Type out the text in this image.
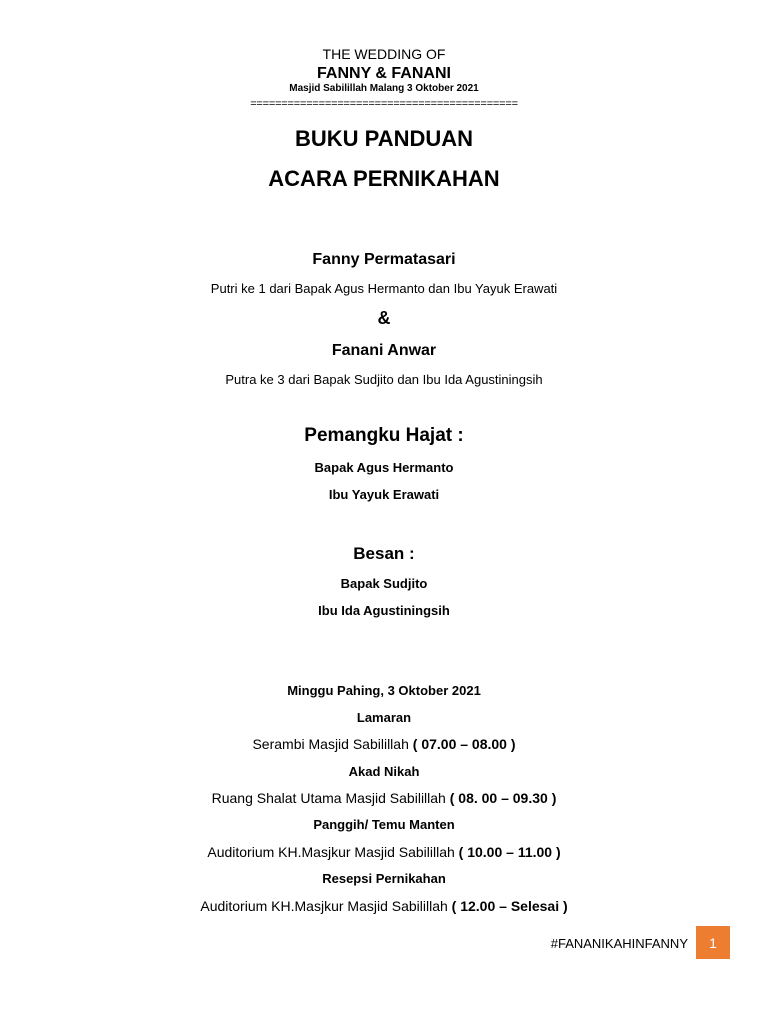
THE WEDDING OF
FANNY & FANANI
Masjid Sabilillah Malang 3 Oktober 2021
===========================================
BUKU PANDUAN
ACARA PERNIKAHAN
Fanny Permatasari
Putri ke 1 dari Bapak Agus Hermanto dan Ibu Yayuk Erawati
&
Fanani Anwar
Putra ke 3 dari Bapak Sudjito dan Ibu Ida Agustiningsih
Pemangku Hajat :
Bapak Agus Hermanto
Ibu Yayuk Erawati
Besan :
Bapak Sudjito
Ibu Ida Agustiningsih
Minggu Pahing, 3 Oktober 2021
Lamaran
Serambi Masjid Sabilillah ( 07.00 – 08.00 )
Akad Nikah
Ruang Shalat Utama Masjid Sabilillah ( 08. 00 – 09.30 )
Panggih/ Temu Manten
Auditorium KH.Masjkur Masjid Sabilillah ( 10.00 – 11.00 )
Resepsi Pernikahan
Auditorium KH.Masjkur Masjid Sabilillah ( 12.00 – Selesai )
#FANANIKAHINFANNY	1
